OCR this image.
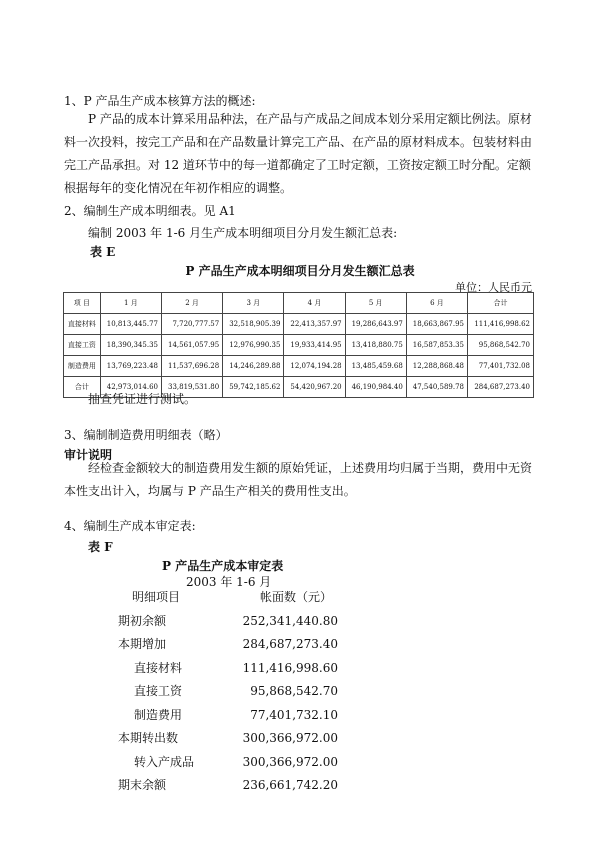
1、P 产品生产成本核算方法的概述:
P 产品的成本计算采用品种法，在产品与产成品之间成本划分采用定额比例法。原材料一次投料，按完工产品和在产品数量计算完工产品、在产品的原材料成本。包装材料由完工产品承担。对 12 道环节中的每一道都确定了工时定额，工资按定额工时分配。定额根据每年的变化情况在年初作相应的调整。
2、编制生产成本明细表。见 A1
编制 2003 年 1-6 月生产成本明细项目分月发生额汇总表:
表 E
P 产品生产成本明细项目分月发生额汇总表
单位：人民币元
项 目	1 月	2 月	3 月	4 月	5 月	6 月	合计
直接材料	10,813,445.77	7,720,777.57	32,518,905.39	22,413,357.97	19,286,643.97	18,663,867.95	111,416,998.62
直接工资	18,390,345.35	14,561,057.95	12,976,990.35	19,933,414.95	13,418,880.75	16,587,853.35	95,868,542.70
制造费用	13,769,223.48	11,537,696.28	14,246,289.88	12,074,194.28	13,485,459.68	12,288,868.48	77,401,732.08
合计	42,973,014.60	33,819,531.80	59,742,185.62	54,420,967.20	46,190,984.40	47,540,589.78	284,687,273.40
抽查凭证进行测试。
3、编制制造费用明细表（略）
审计说明
经检查金额较大的制造费用发生额的原始凭证，上述费用均归属于当期，费用中无资本性支出计入，均属与 P 产品生产相关的费用性支出。
4、编制生产成本审定表:
表 F
P 产品生产成本审定表
2003 年 1-6 月
明细项目	帐面数（元）
期初余额	252,341,440.80
本期增加	284,687,273.40
直接材料	111,416,998.60
直接工资	95,868,542.70
制造费用	77,401,732.10
本期转出数	300,366,972.00
转入产成品	300,366,972.00
期末余额	236,661,742.20
